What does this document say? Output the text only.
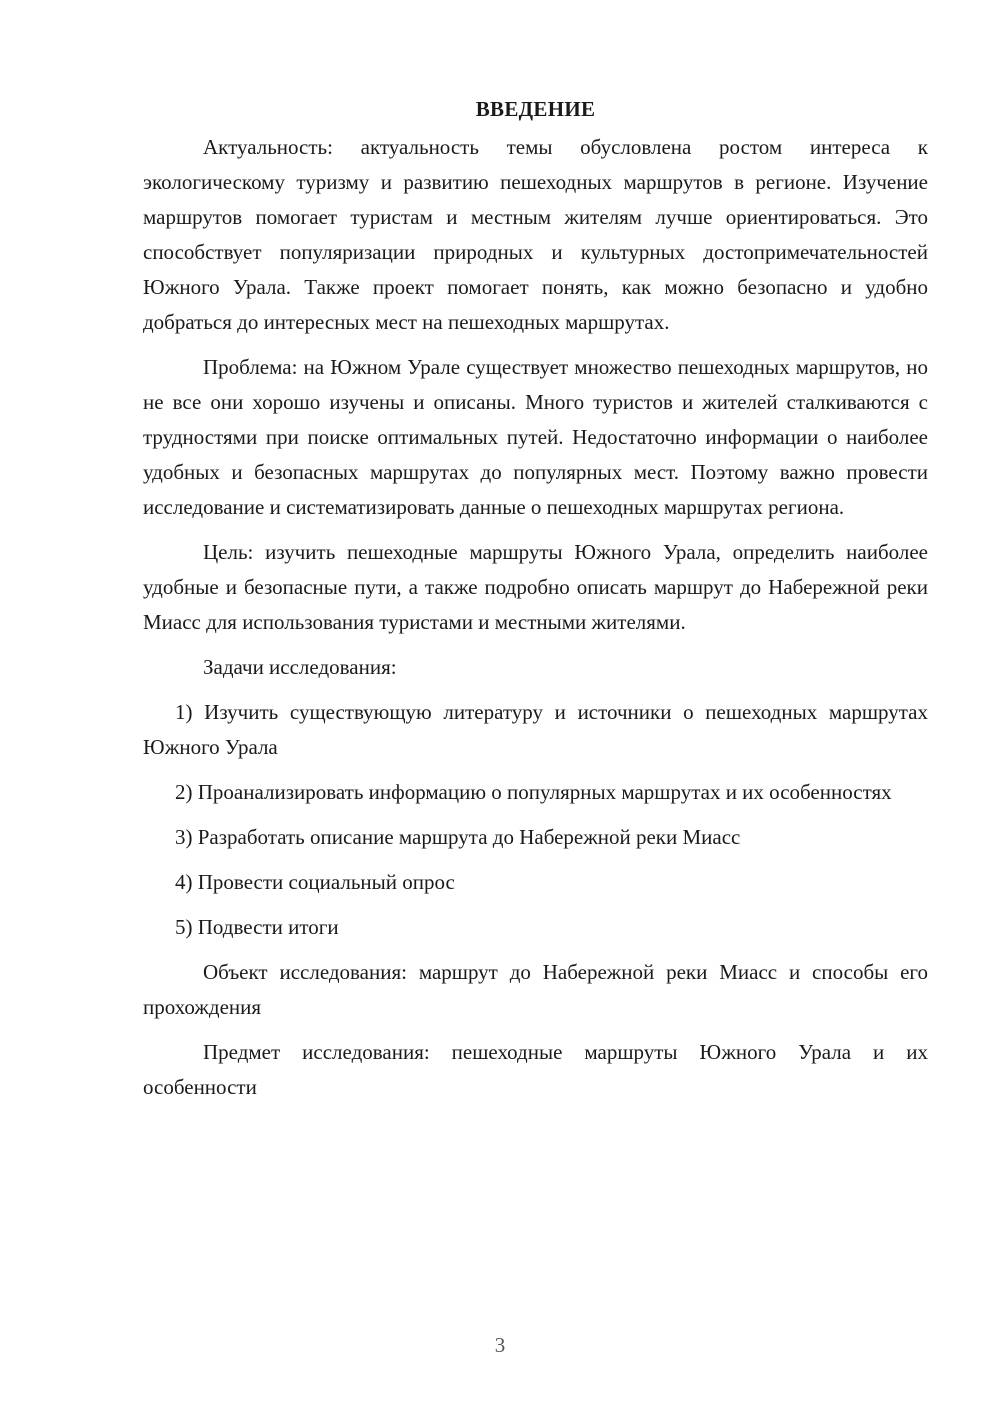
ВВЕДЕНИЕ

Актуальность: актуальность темы обусловлена ростом интереса к экологическому туризму и развитию пешеходных маршрутов в регионе. Изучение маршрутов помогает туристам и местным жителям лучше ориентироваться. Это способствует популяризации природных и культурных достопримечательностей Южного Урала. Также проект помогает понять, как можно безопасно и удобно добраться до интересных мест на пешеходных маршрутах.

Проблема: на Южном Урале существует множество пешеходных маршрутов, но не все они хорошо изучены и описаны. Много туристов и жителей сталкиваются с трудностями при поиске оптимальных путей. Недостаточно информации о наиболее удобных и безопасных маршрутах до популярных мест. Поэтому важно провести исследование и систематизировать данные о пешеходных маршрутах региона.

Цель: изучить пешеходные маршруты Южного Урала, определить наиболее удобные и безопасные пути, а также подробно описать маршрут до Набережной реки Миасс для использования туристами и местными жителями.

Задачи исследования:

1) Изучить существующую литературу и источники о пешеходных маршрутах Южного Урала

2) Проанализировать информацию о популярных маршрутах и их особенностях

3) Разработать описание маршрута до Набережной реки Миасс

4) Провести социальный опрос

5) Подвести итоги

Объект исследования: маршрут до Набережной реки Миасс и способы его прохождения

Предмет исследования: пешеходные маршруты Южного Урала и их особенности

3
